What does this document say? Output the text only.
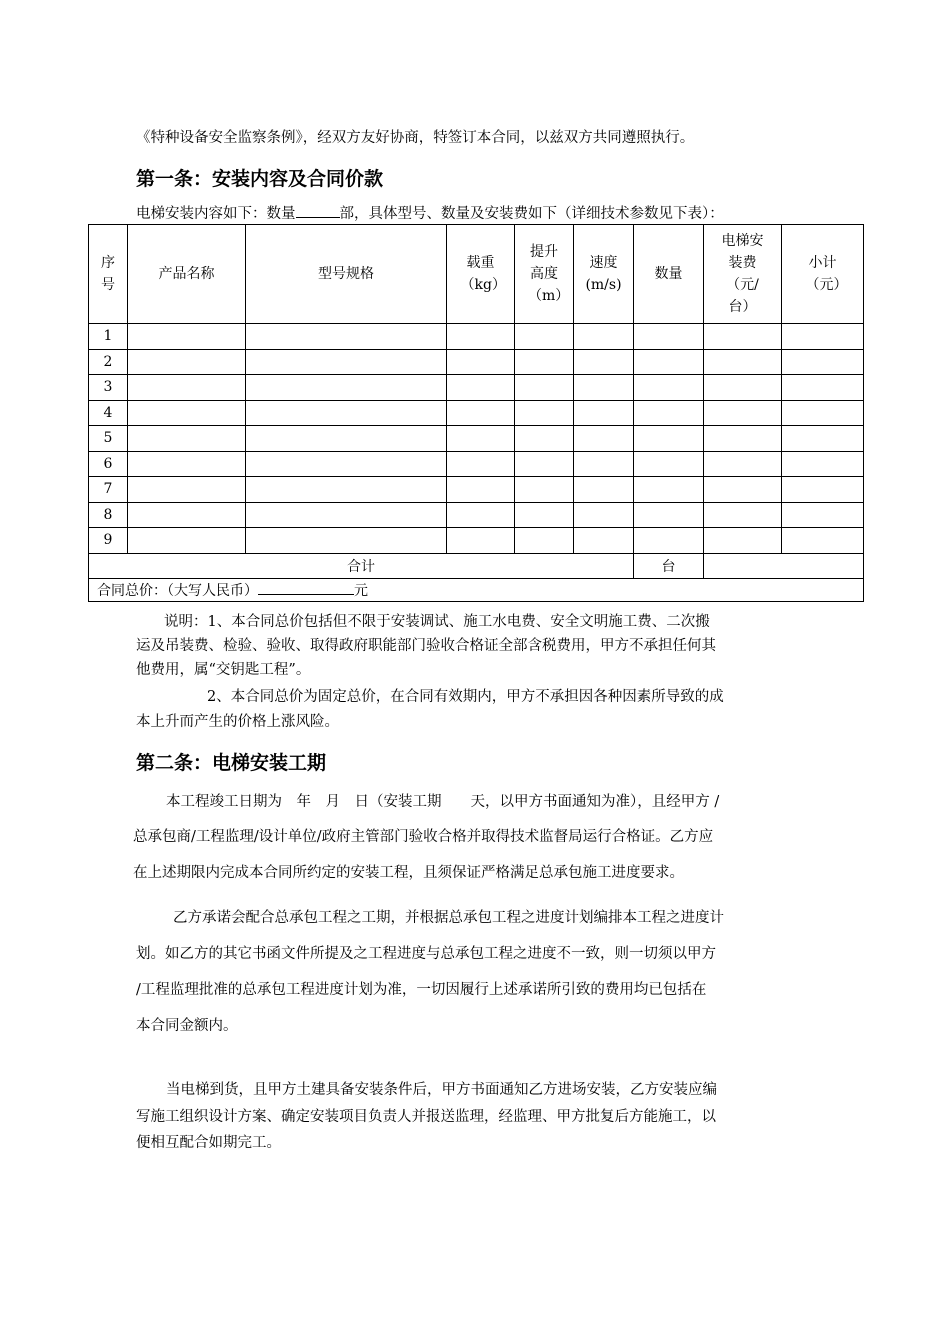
《特种设备安全监察条例》，经双方友好协商，特签订本合同，以兹双方共同遵照执行。
第一条：安装内容及合同价款
电梯安装内容如下：数量	部，具体型号、数量及安装费如下（详细技术参数见下表）：
序号	产品名称	型号规格	载重（kg）	提升高度（m）	速度(m/s)	数量	电梯安装费（元/台）	小计（元）
1								
2								
3								
4								
5								
6								
7								
8								
9								
合计						台		
合同总价：（大写人民币） 元								
说明：1、本合同总价包括但不限于安装调试、施工水电费、安全文明施工费、二次搬
运及吊装费、检验、验收、取得政府职能部门验收合格证全部含税费用，甲方不承担任何其
他费用，属“交钥匙工程”。
2、本合同总价为固定总价，在合同有效期内，甲方不承担因各种因素所导致的成
本上升而产生的价格上涨风险。
第二条：电梯安装工期
本工程竣工日期为　年　月　日（安装工期　　天，以甲方书面通知为准），且经甲方 /
总承包商/工程监理/设计单位/政府主管部门验收合格并取得技术监督局运行合格证。乙方应
在上述期限内完成本合同所约定的安装工程，且须保证严格满足总承包施工进度要求。
乙方承诺会配合总承包工程之工期，并根据总承包工程之进度计划编排本工程之进度计
划。如乙方的其它书函文件所提及之工程进度与总承包工程之进度不一致，则一切须以甲方
/工程监理批准的总承包工程进度计划为准，一切因履行上述承诺所引致的费用均已包括在
本合同金额内。
当电梯到货，且甲方土建具备安装条件后，甲方书面通知乙方进场安装，乙方安装应编
写施工组织设计方案、确定安装项目负责人并报送监理，经监理、甲方批复后方能施工，以
便相互配合如期完工。
